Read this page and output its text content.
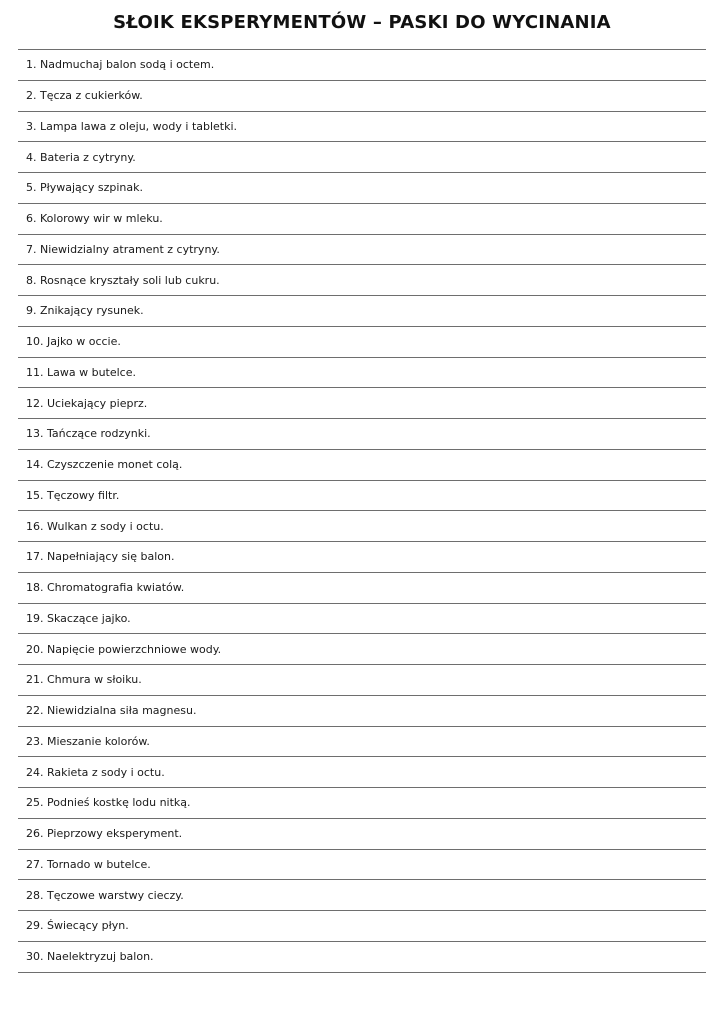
SŁOIK EKSPERYMENTÓW – PASKI DO WYCINANIA
1. Nadmuchaj balon sodą i octem.
2. Tęcza z cukierków.
3. Lampa lawa z oleju, wody i tabletki.
4. Bateria z cytryny.
5. Pływający szpinak.
6. Kolorowy wir w mleku.
7. Niewidzialny atrament z cytryny.
8. Rosnące kryształy soli lub cukru.
9. Znikający rysunek.
10. Jajko w occie.
11. Lawa w butelce.
12. Uciekający pieprz.
13. Tańczące rodzynki.
14. Czyszczenie monet colą.
15. Tęczowy filtr.
16. Wulkan z sody i octu.
17. Napełniający się balon.
18. Chromatografia kwiatów.
19. Skaczące jajko.
20. Napięcie powierzchniowe wody.
21. Chmura w słoiku.
22. Niewidzialna siła magnesu.
23. Mieszanie kolorów.
24. Rakieta z sody i octu.
25. Podnieś kostkę lodu nitką.
26. Pieprzowy eksperyment.
27. Tornado w butelce.
28. Tęczowe warstwy cieczy.
29. Świecący płyn.
30. Naelektryzuj balon.
